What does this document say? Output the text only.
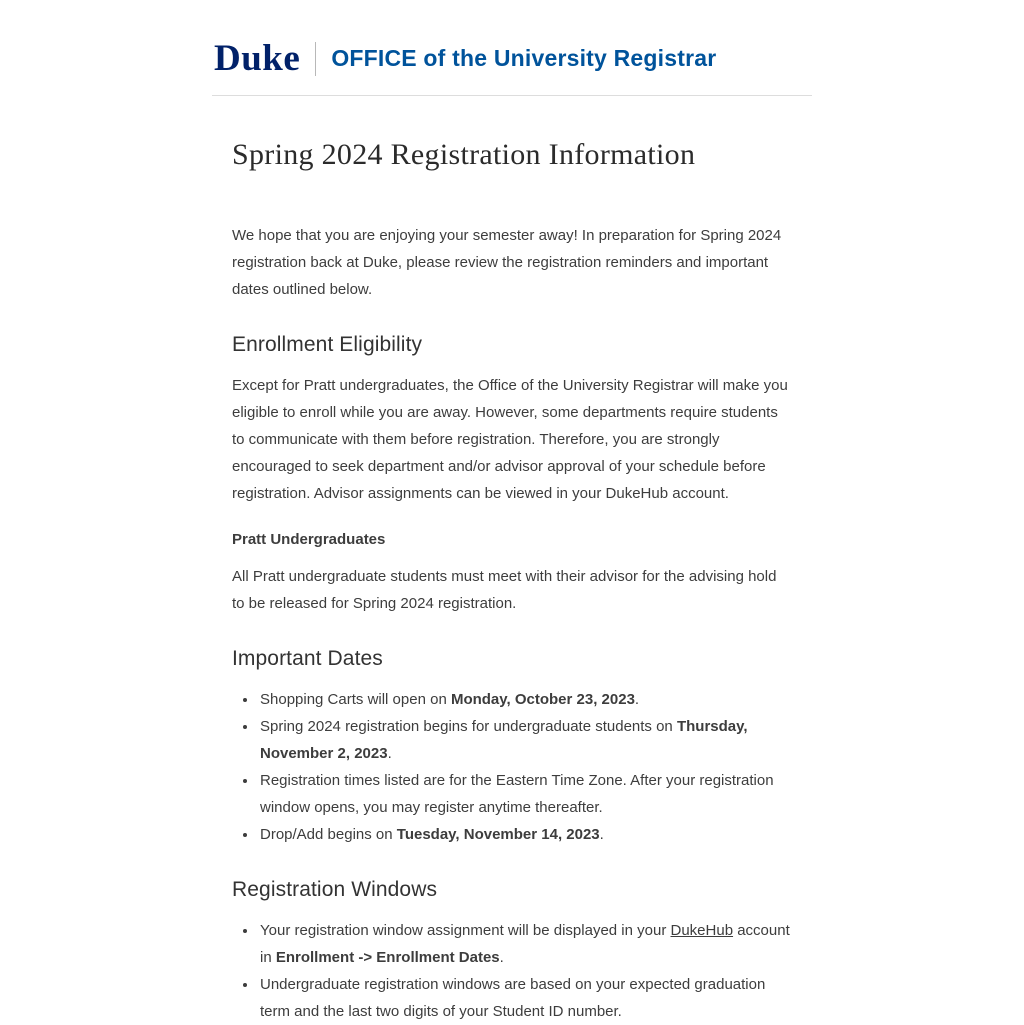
Duke OFFICE of the University Registrar
Spring 2024 Registration Information

We hope that you are enjoying your semester away! In preparation for Spring 2024 registration back at Duke, please review the registration reminders and important dates outlined below.

Enrollment Eligibility

Except for Pratt undergraduates, the Office of the University Registrar will make you eligible to enroll while you are away. However, some departments require students to communicate with them before registration. Therefore, you are strongly encouraged to seek department and/or advisor approval of your schedule before registration. Advisor assignments can be viewed in your DukeHub account.

Pratt Undergraduates

All Pratt undergraduate students must meet with their advisor for the advising hold to be released for Spring 2024 registration.

Important Dates
• Shopping Carts will open on Monday, October 23, 2023.
• Spring 2024 registration begins for undergraduate students on Thursday, November 2, 2023.
• Registration times listed are for the Eastern Time Zone. After your registration window opens, you may register anytime thereafter.
• Drop/Add begins on Tuesday, November 14, 2023.
Registration Windows
• Your registration window assignment will be displayed in your DukeHub account in Enrollment -> Enrollment Dates.
• Undergraduate registration windows are based on your expected graduation term and the last two digits of your Student ID number.
